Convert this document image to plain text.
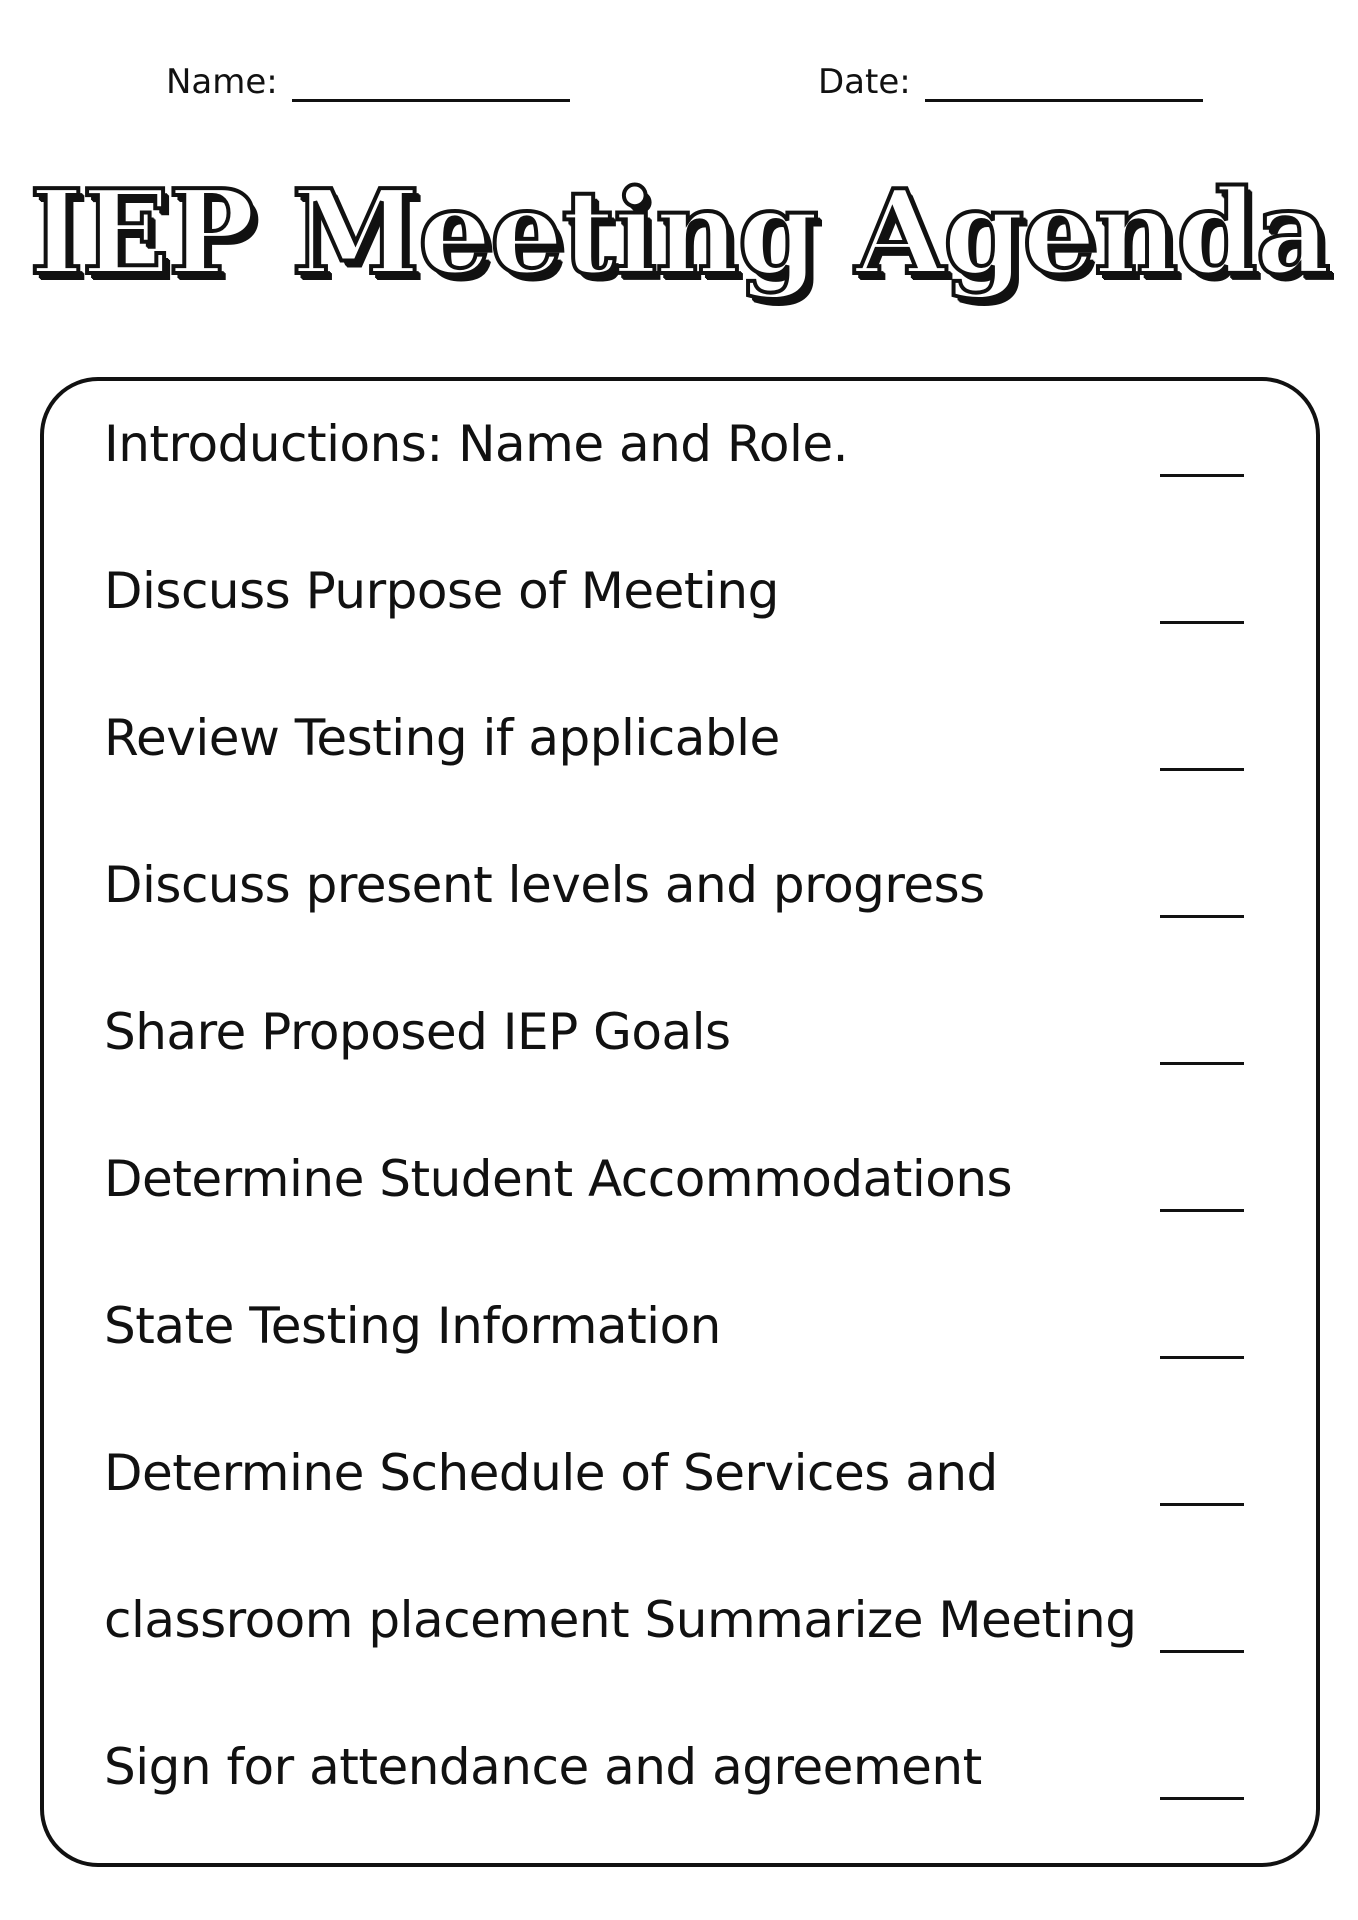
Name:	Date:
IEP Meeting Agenda
Introductions: Name and Role.
Discuss Purpose of Meeting
Review Testing if applicable
Discuss present levels and progress
Share Proposed IEP Goals
Determine Student Accommodations
State Testing Information
Determine Schedule of Services and
classroom placement Summarize Meeting
Sign for attendance and agreement
